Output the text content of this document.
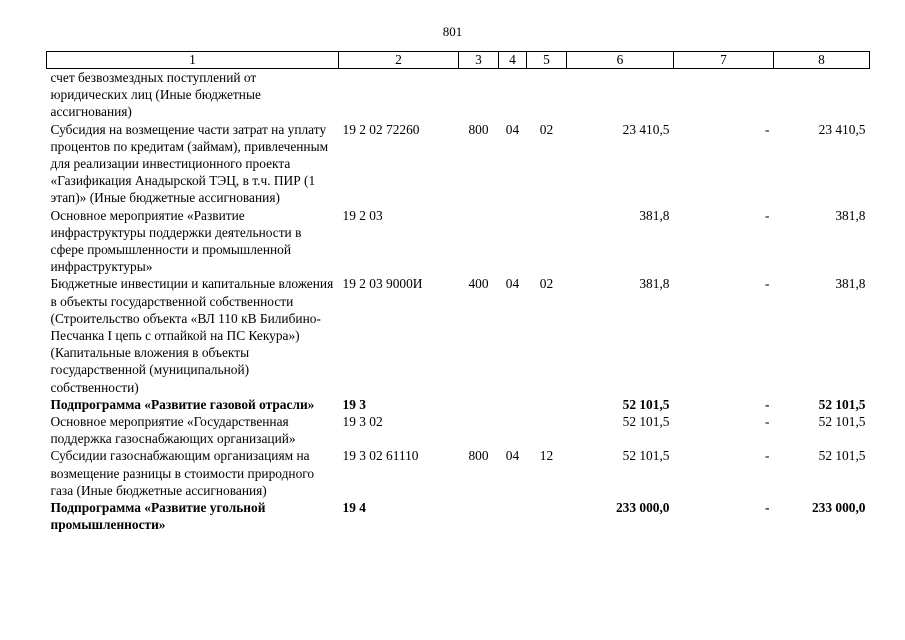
801
1	2	3	4	5	6	7	8
счет безвозмездных поступлений от юридических лиц (Иные бюджетные ассигнования)							
Субсидия на возмещение части затрат на уплату процентов по кредитам (займам), привлеченным для реализации инвестиционного проекта «Газификация Анадырской ТЭЦ, в т.ч. ПИР (1 этап)» (Иные бюджетные ассигнования)	19 2 02 72260	800	04	02	23 410,5	-	23 410,5
Основное мероприятие «Развитие инфраструктуры поддержки деятельности в сфере промышленности и промышленной инфраструктуры»	19 2 03				381,8	-	381,8
Бюджетные инвестиции и капитальные вложения в объекты государственной собственности (Строительство объекта «ВЛ 110 кВ Билибино-Песчанка I цепь с отпайкой на ПС Кекура») (Капитальные вложения в объекты государственной (муниципальной) собственности)	19 2 03 9000И	400	04	02	381,8	-	381,8
Подпрограмма «Развитие газовой отрасли»	19 3				52 101,5	-	52 101,5
Основное мероприятие «Государственная поддержка газоснабжающих организаций»	19 3 02				52 101,5	-	52 101,5
Субсидии газоснабжающим организациям на возмещение разницы в стоимости природного газа (Иные бюджетные ассигнования)	19 3 02 61110	800	04	12	52 101,5	-	52 101,5
Подпрограмма «Развитие угольной промышленности»	19 4				233 000,0	-	233 000,0
